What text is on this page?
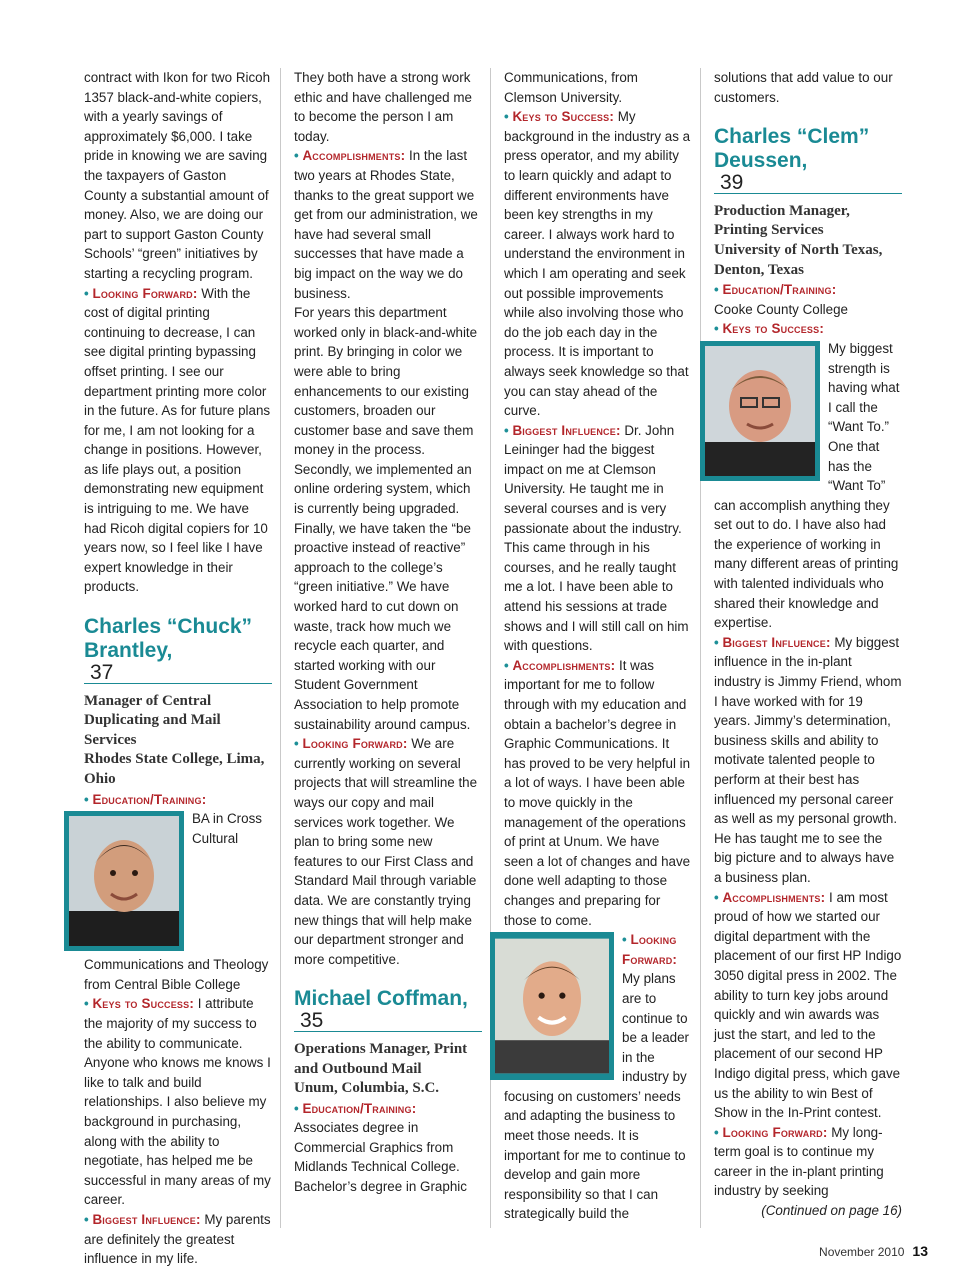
contract with Ikon for two Ricoh 1357 black-and-white copiers, with a yearly savings of approximately $6,000. I take pride in knowing we are saving the taxpayers of Gaston County a substantial amount of money. Also, we are doing our part to support Gaston County Schools’ “green” initiatives by starting a recycling program.

• Looking Forward: With the cost of digital printing continuing to decrease, I can see digital printing bypassing offset printing. I see our department printing more color in the future. As for future plans for me, I am not looking for a change in positions. However, as life plays out, a position demonstrating new equipment is intriguing to me. We have had Ricoh digital copiers for 10 years now, so I feel like I have expert knowledge in their products.

Charles “Chuck” Brantley,
37
Manager of Central Duplicating and Mail Services
Rhodes State College, Lima, Ohio

• Education/Training:

BA in Cross Cultural Communications and Theology from Central Bible College

• Keys to Success: I attribute the majority of my success to the ability to communicate. Anyone who knows me knows I like to talk and build relationships. I also believe my background in purchasing, along with the ability to negotiate, has helped me be successful in many areas of my career.

• Biggest Influence: My parents are definitely the greatest influence in my life.

They both have a strong work ethic and have challenged me to become the person I am today.

• Accomplishments: In the last two years at Rhodes State, thanks to the great support we get from our administration, we have had several small successes that have made a big impact on the way we do business.

For years this department worked only in black-and-white print. By bringing in color we were able to bring enhancements to our existing customers, broaden our customer base and save them money in the process. Secondly, we implemented an online ordering system, which is currently being upgraded. Finally, we have taken the “be proactive instead of reactive” approach to the college’s “green initiative.” We have worked hard to cut down on waste, track how much we recycle each quarter, and started working with our Student Government Association to help promote sustainability around campus.

• Looking Forward: We are currently working on several projects that will streamline the ways our copy and mail services work together. We plan to bring some new features to our First Class and Standard Mail through variable data. We are constantly trying new things that will help make our department stronger and more competitive.

Michael Coffman,
35
Operations Manager, Print and Outbound Mail
Unum, Columbia, S.C.

• Education/Training: Associates degree in Commercial Graphics from Midlands Technical College. Bachelor’s degree in Graphic

Communications, from Clemson University.

• Keys to Success: My background in the industry as a press operator, and my ability to learn quickly and adapt to different environments have been key strengths in my career. I always work hard to understand the environment in which I am operating and seek out possible improvements while also involving those who do the job each day in the process. It is important to always seek knowledge so that you can stay ahead of the curve.

• Biggest Influence: Dr. John Leininger had the biggest impact on me at Clemson University. He taught me in several courses and is very passionate about the industry. This came through in his courses, and he really taught me a lot. I have been able to attend his sessions at trade shows and I will still call on him with questions.

• Accomplishments: It was important for me to follow through with my education and obtain a bachelor’s degree in Graphic Communications. It has proved to be very helpful in a lot of ways. I have been able to move quickly in the management of the operations of print at Unum. We have seen a lot of changes and have done well adapting to those changes and preparing for those to come.

• Looking Forward: My plans are to continue to be a leader in the industry by focusing on customers’ needs and adapting the business to meet those needs. It is important for me to continue to develop and gain more responsibility so that I can strategically build the

solutions that add value to our customers.

Charles “Clem” Deussen,
39
Production Manager, Printing Services
University of North Texas, Denton, Texas

• Education/Training:

Cooke County College

• Keys to Success:

My biggest strength is having what I call the “Want To.” One that has the “Want To” can accomplish anything they set out to do. I have also had the experience of working in many different areas of printing with talented individuals who shared their knowledge and expertise.

• Biggest Influence: My biggest influence in the in-plant industry is Jimmy Friend, whom I have worked with for 19 years. Jimmy’s determination, business skills and ability to motivate talented people to perform at their best has influenced my personal career as well as my personal growth. He has taught me to see the big picture and to always have a business plan.

• Accomplishments: I am most proud of how we started our digital department with the placement of our first HP Indigo 3050 digital press in 2002. The ability to turn key jobs around quickly and win awards was just the start, and led to the placement of our second HP Indigo digital press, which gave us the ability to win Best of Show in the In-Print contest.

• Looking Forward: My long-term goal is to continue my career in the in-plant printing industry by seeking

(Continued on page 16)

November 2010 13
